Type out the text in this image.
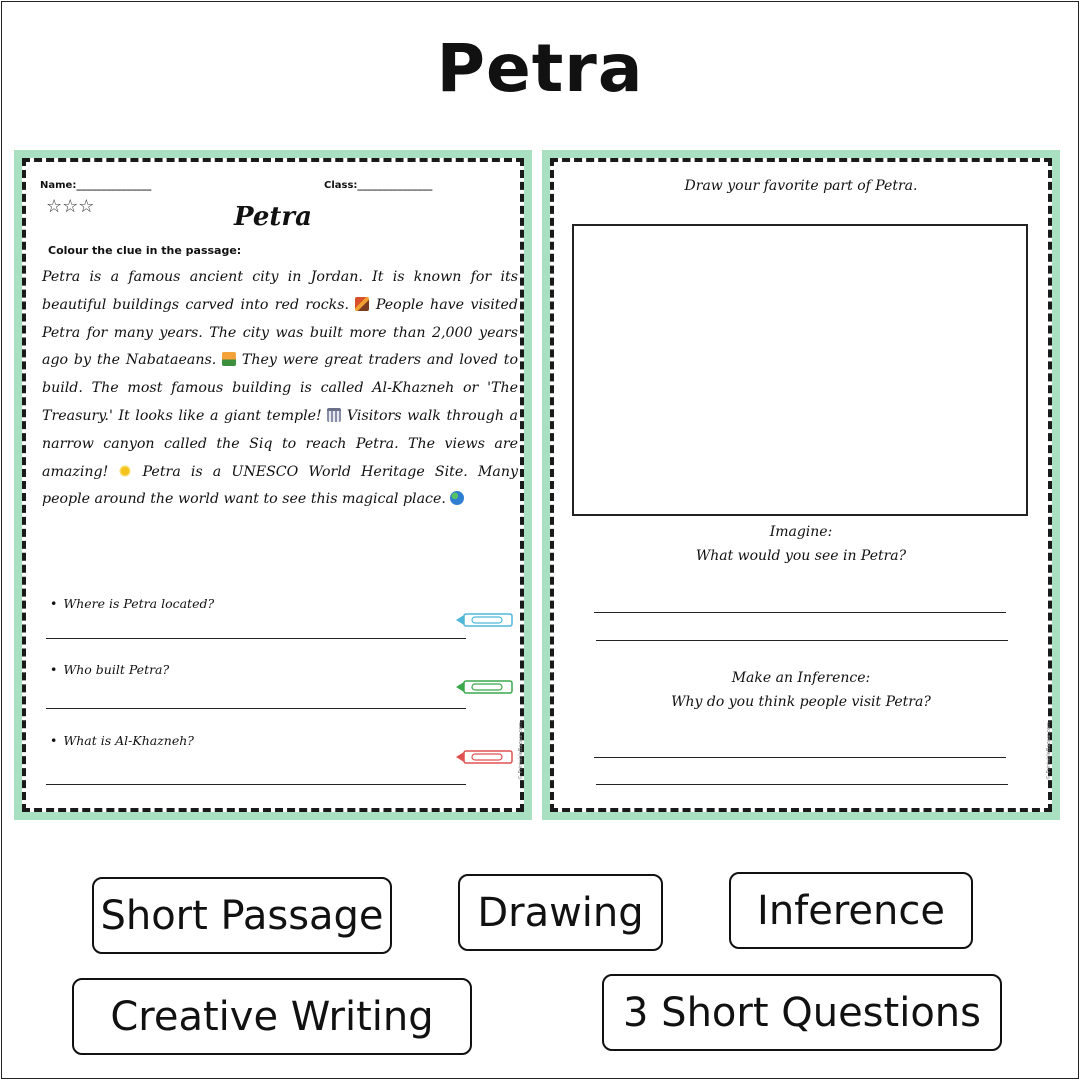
Petra
Name:_______________	Class:_______________
☆☆☆	Petra
Colour the clue in the passage:
Petra is a famous ancient city in Jordan. It is known for its beautiful buildings carved into red rocks.  People have visited Petra for many years. The city was built more than 2,000 years ago by the Nabataeans.  They were great traders and loved to build. The most famous building is called Al-Khazneh or 'The Treasury.' It looks like a giant temple!  Visitors walk through a narrow canyon called the Siq to reach Petra. The views are amazing!  Petra is a UNESCO World Heritage Site. Many people around the world want to see this magical place.
• Where is Petra located?
• Who built Petra?
• What is Al-Khazneh?	© PrintableBazaar.com
Draw your favorite part of Petra.
Imagine:
What would you see in Petra?
Make an Inference:
Why do you think people visit Petra?
© PrintableBazaar.com
Short Passage	Drawing	Inference
Creative Writing	3 Short Questions
